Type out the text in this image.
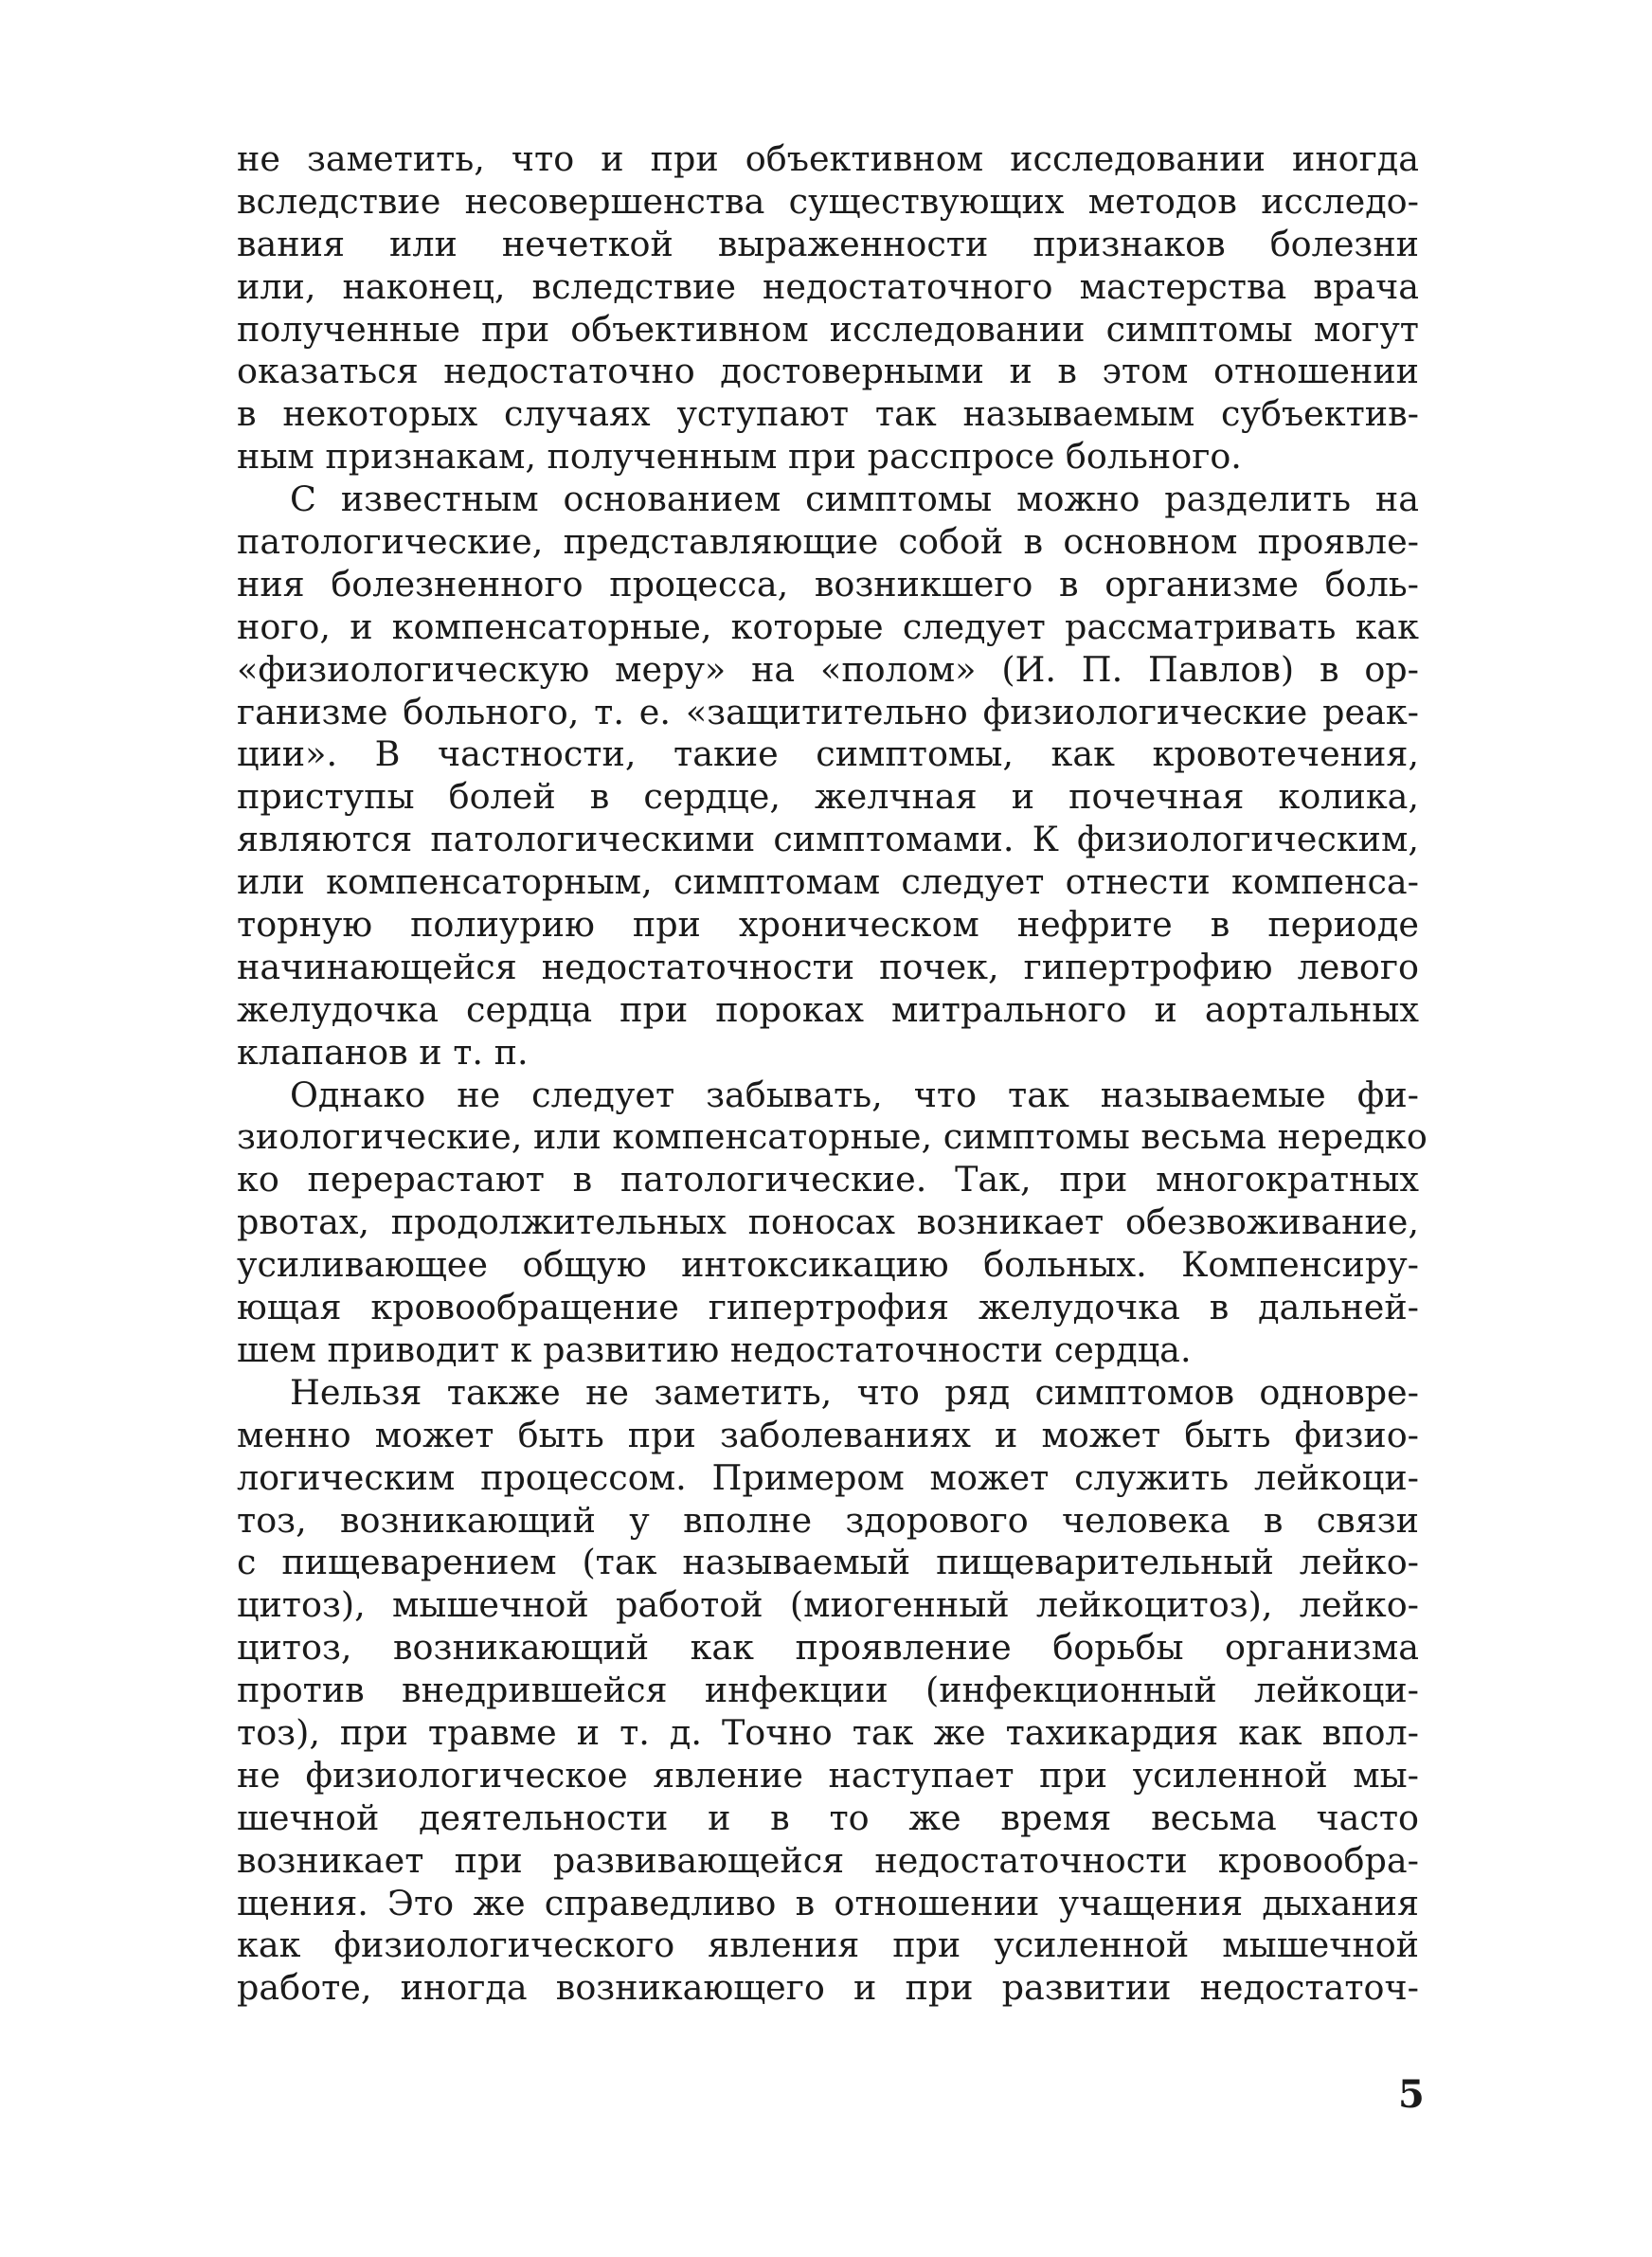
не заметить, что и при объективном исследовании иногда
вследствие несовершенства существующих методов исследо-
вания или нечеткой выраженности признаков болезни
или, наконец, вследствие недостаточного мастерства врача
полученные при объективном исследовании симптомы могут
оказаться недостаточно достоверными и в этом отношении
в некоторых случаях уступают так называемым субъектив-
ным признакам, полученным при расспросе больного.
С известным основанием симптомы можно разделить на
патологические, представляющие собой в основном проявле-
ния болезненного процесса, возникшего в организме боль-
ного, и компенсаторные, которые следует рассматривать как
«физиологическую меру» на «полом» (И. П. Павлов) в ор-
ганизме больного, т. е. «защитительно физиологические реак-
ции». В частности, такие симптомы, как кровотечения,
приступы болей в сердце, желчная и почечная колика,
являются патологическими симптомами. К физиологическим,
или компенсаторным, симптомам следует отнести компенса-
торную полиурию при хроническом нефрите в периоде
начинающейся недостаточности почек, гипертрофию левого
желудочка сердца при пороках митрального и аортальных
клапанов и т. п.
Однако не следует забывать, что так называемые фи-
зиологические, или компенсаторные, симптомы весьма нередко
ко перерастают в патологические. Так, при многократных
рвотах, продолжительных поносах возникает обезвоживание,
усиливающее общую интоксикацию больных. Компенсиру-
ющая кровообращение гипертрофия желудочка в дальней-
шем приводит к развитию недостаточности сердца.
Нельзя также не заметить, что ряд симптомов одновре-
менно может быть при заболеваниях и может быть физио-
логическим процессом. Примером может служить лейкоци-
тоз, возникающий у вполне здорового человека в связи
с пищеварением (так называемый пищеварительный лейко-
цитоз), мышечной работой (миогенный лейкоцитоз), лейко-
цитоз, возникающий как проявление борьбы организма
против внедрившейся инфекции (инфекционный лейкоци-
тоз), при травме и т. д. Точно так же тахикардия как впол-
не физиологическое явление наступает при усиленной мы-
шечной деятельности и в то же время весьма часто
возникает при развивающейся недостаточности кровообра-
щения. Это же справедливо в отношении учащения дыхания
как физиологического явления при усиленной мышечной
работе, иногда возникающего и при развитии недостаточ-
5
